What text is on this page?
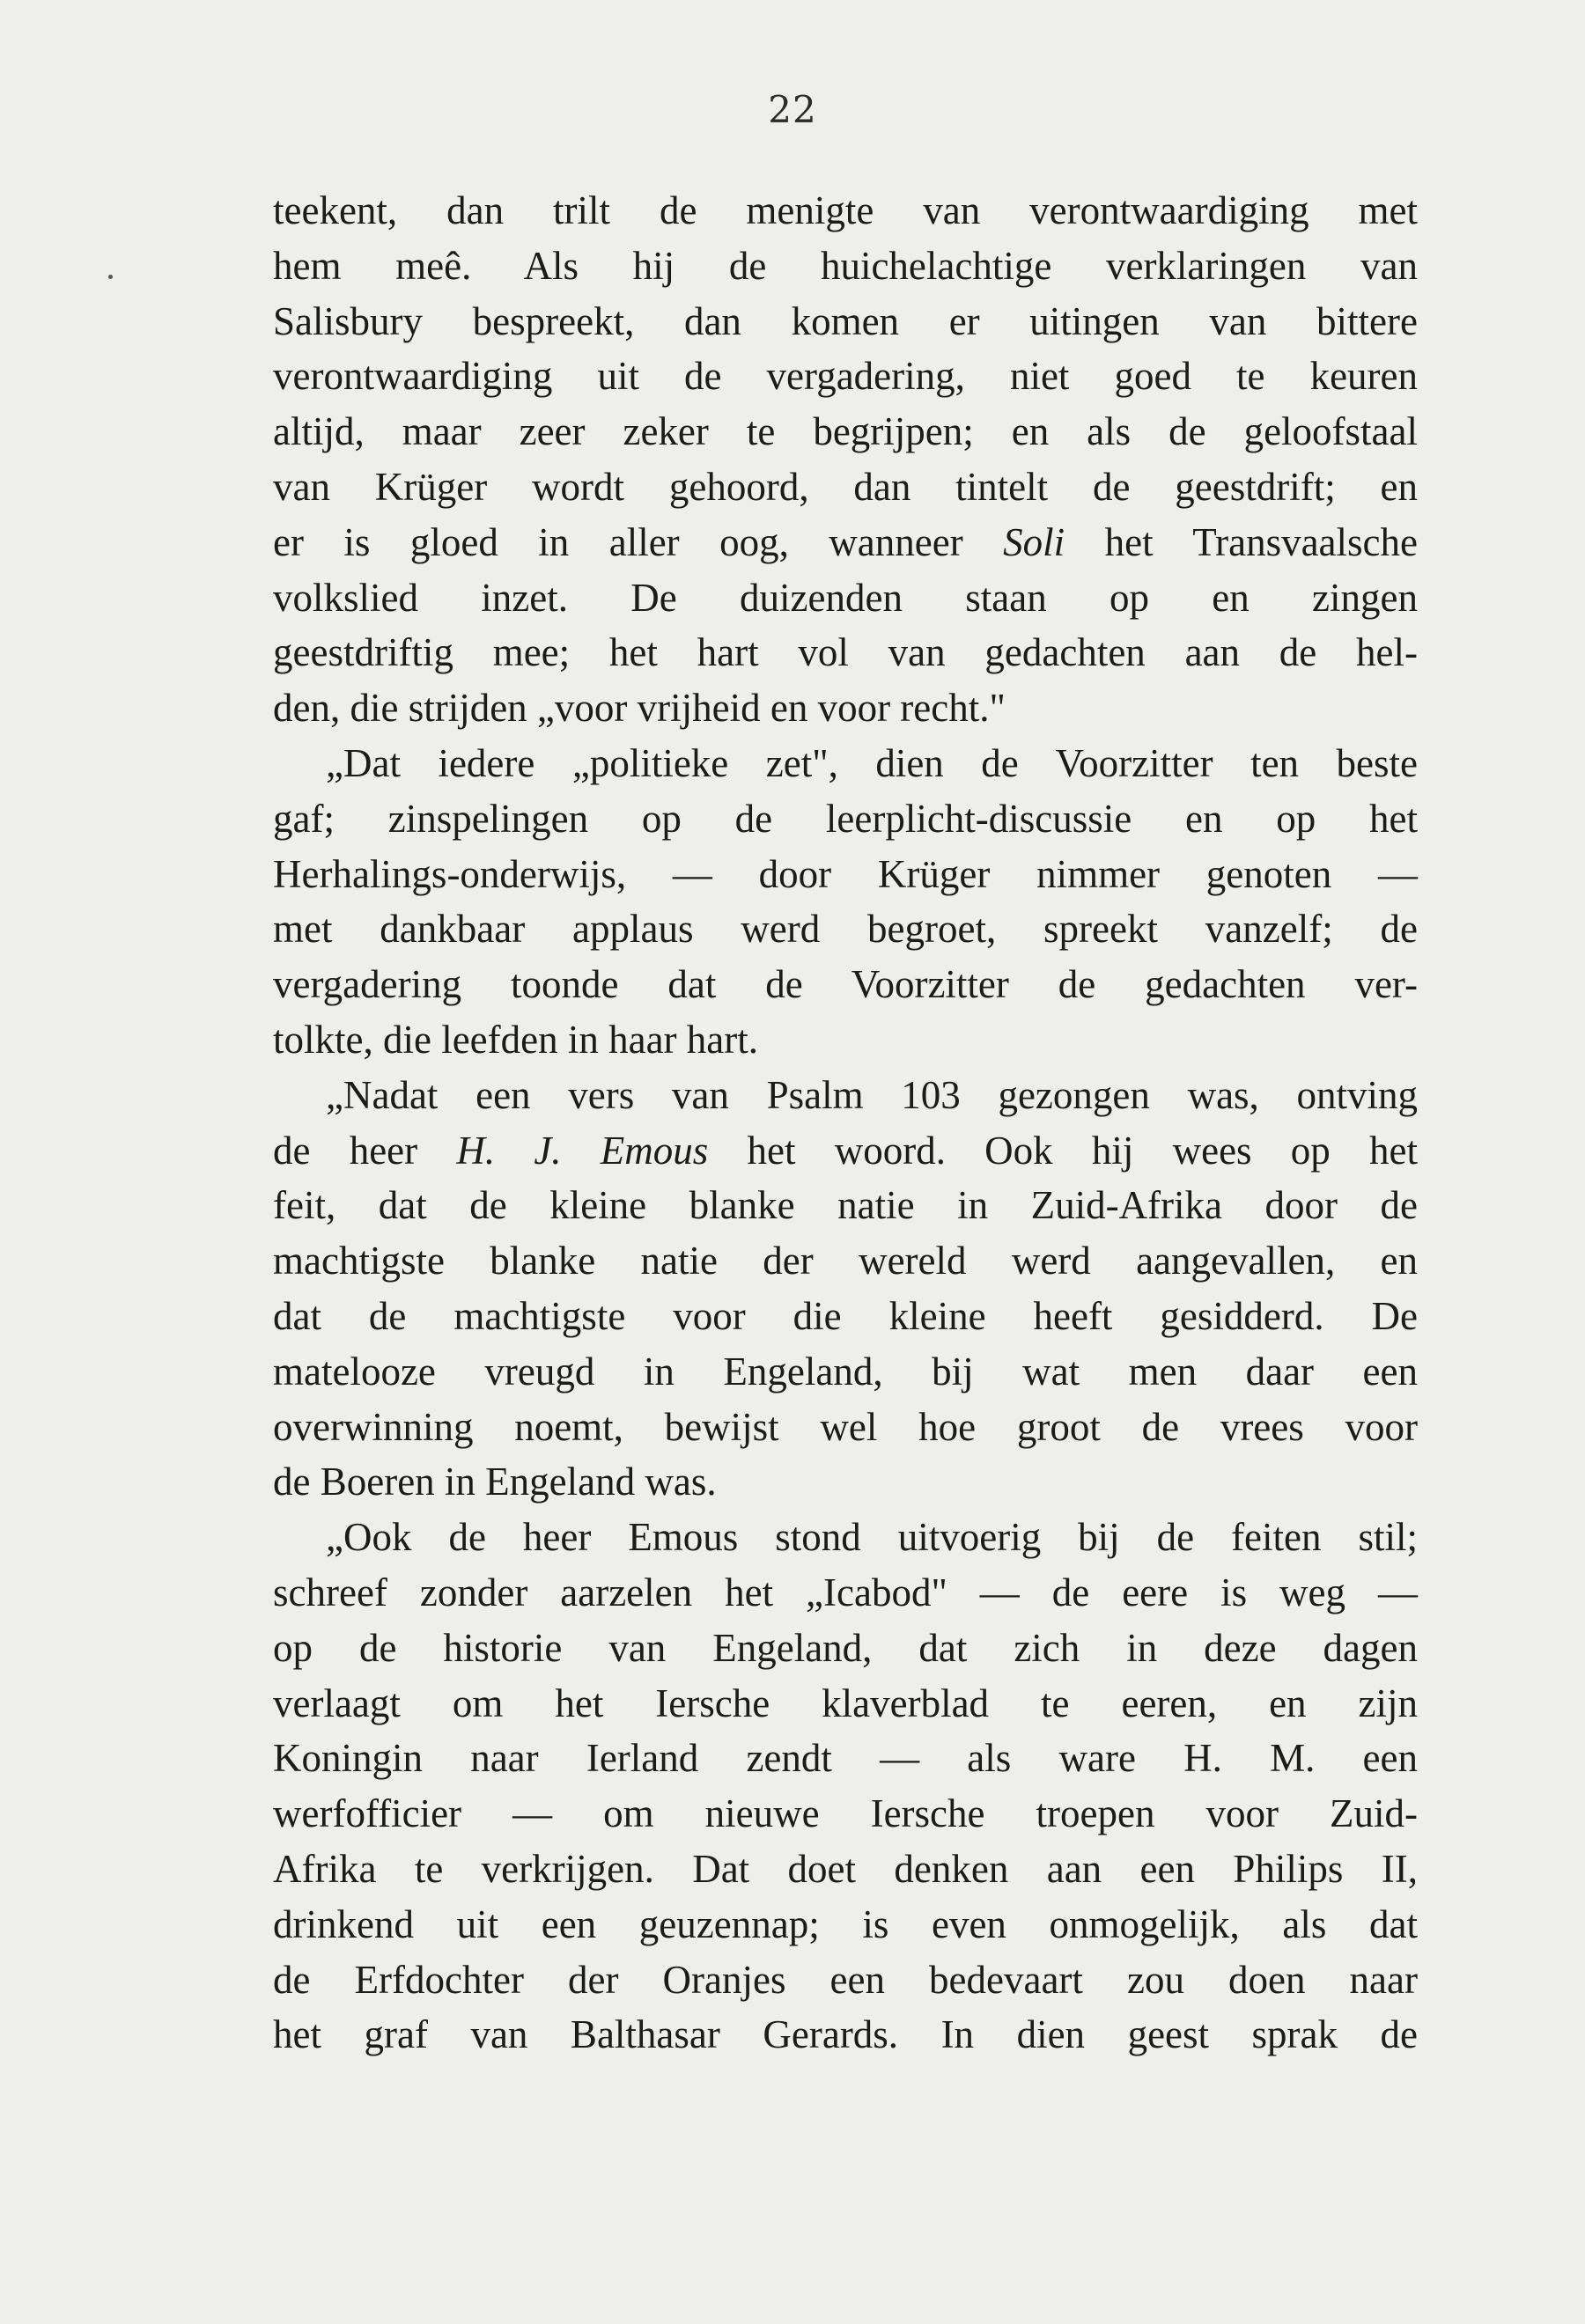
22
teekent, dan trilt de menigte van verontwaardiging met
hem meê. Als hij de huichelachtige verklaringen van
Salisbury bespreekt, dan komen er uitingen van bittere
verontwaardiging uit de vergadering, niet goed te keuren
altijd, maar zeer zeker te begrijpen; en als de geloofstaal
van Krüger wordt gehoord, dan tintelt de geestdrift; en
er is gloed in aller oog, wanneer Soli het Transvaalsche
volkslied inzet. De duizenden staan op en zingen
geestdriftig mee; het hart vol van gedachten aan de hel-
den, die strijden „voor vrijheid en voor recht."
„Dat iedere „politieke zet", dien de Voorzitter ten beste
gaf; zinspelingen op de leerplicht-discussie en op het
Herhalings-onderwijs, — door Krüger nimmer genoten —
met dankbaar applaus werd begroet, spreekt vanzelf; de
vergadering toonde dat de Voorzitter de gedachten ver-
tolkte, die leefden in haar hart.
„Nadat een vers van Psalm 103 gezongen was, ontving
de heer H. J. Emous het woord. Ook hij wees op het
feit, dat de kleine blanke natie in Zuid-Afrika door de
machtigste blanke natie der wereld werd aangevallen, en
dat de machtigste voor die kleine heeft gesidderd. De
matelooze vreugd in Engeland, bij wat men daar een
overwinning noemt, bewijst wel hoe groot de vrees voor
de Boeren in Engeland was.
„Ook de heer Emous stond uitvoerig bij de feiten stil;
schreef zonder aarzelen het „Icabod" — de eere is weg —
op de historie van Engeland, dat zich in deze dagen
verlaagt om het Iersche klaverblad te eeren, en zijn
Koningin naar Ierland zendt — als ware H. M. een
werfofficier — om nieuwe Iersche troepen voor Zuid-
Afrika te verkrijgen. Dat doet denken aan een Philips II,
drinkend uit een geuzennap; is even onmogelijk, als dat
de Erfdochter der Oranjes een bedevaart zou doen naar
het graf van Balthasar Gerards. In dien geest sprak de
